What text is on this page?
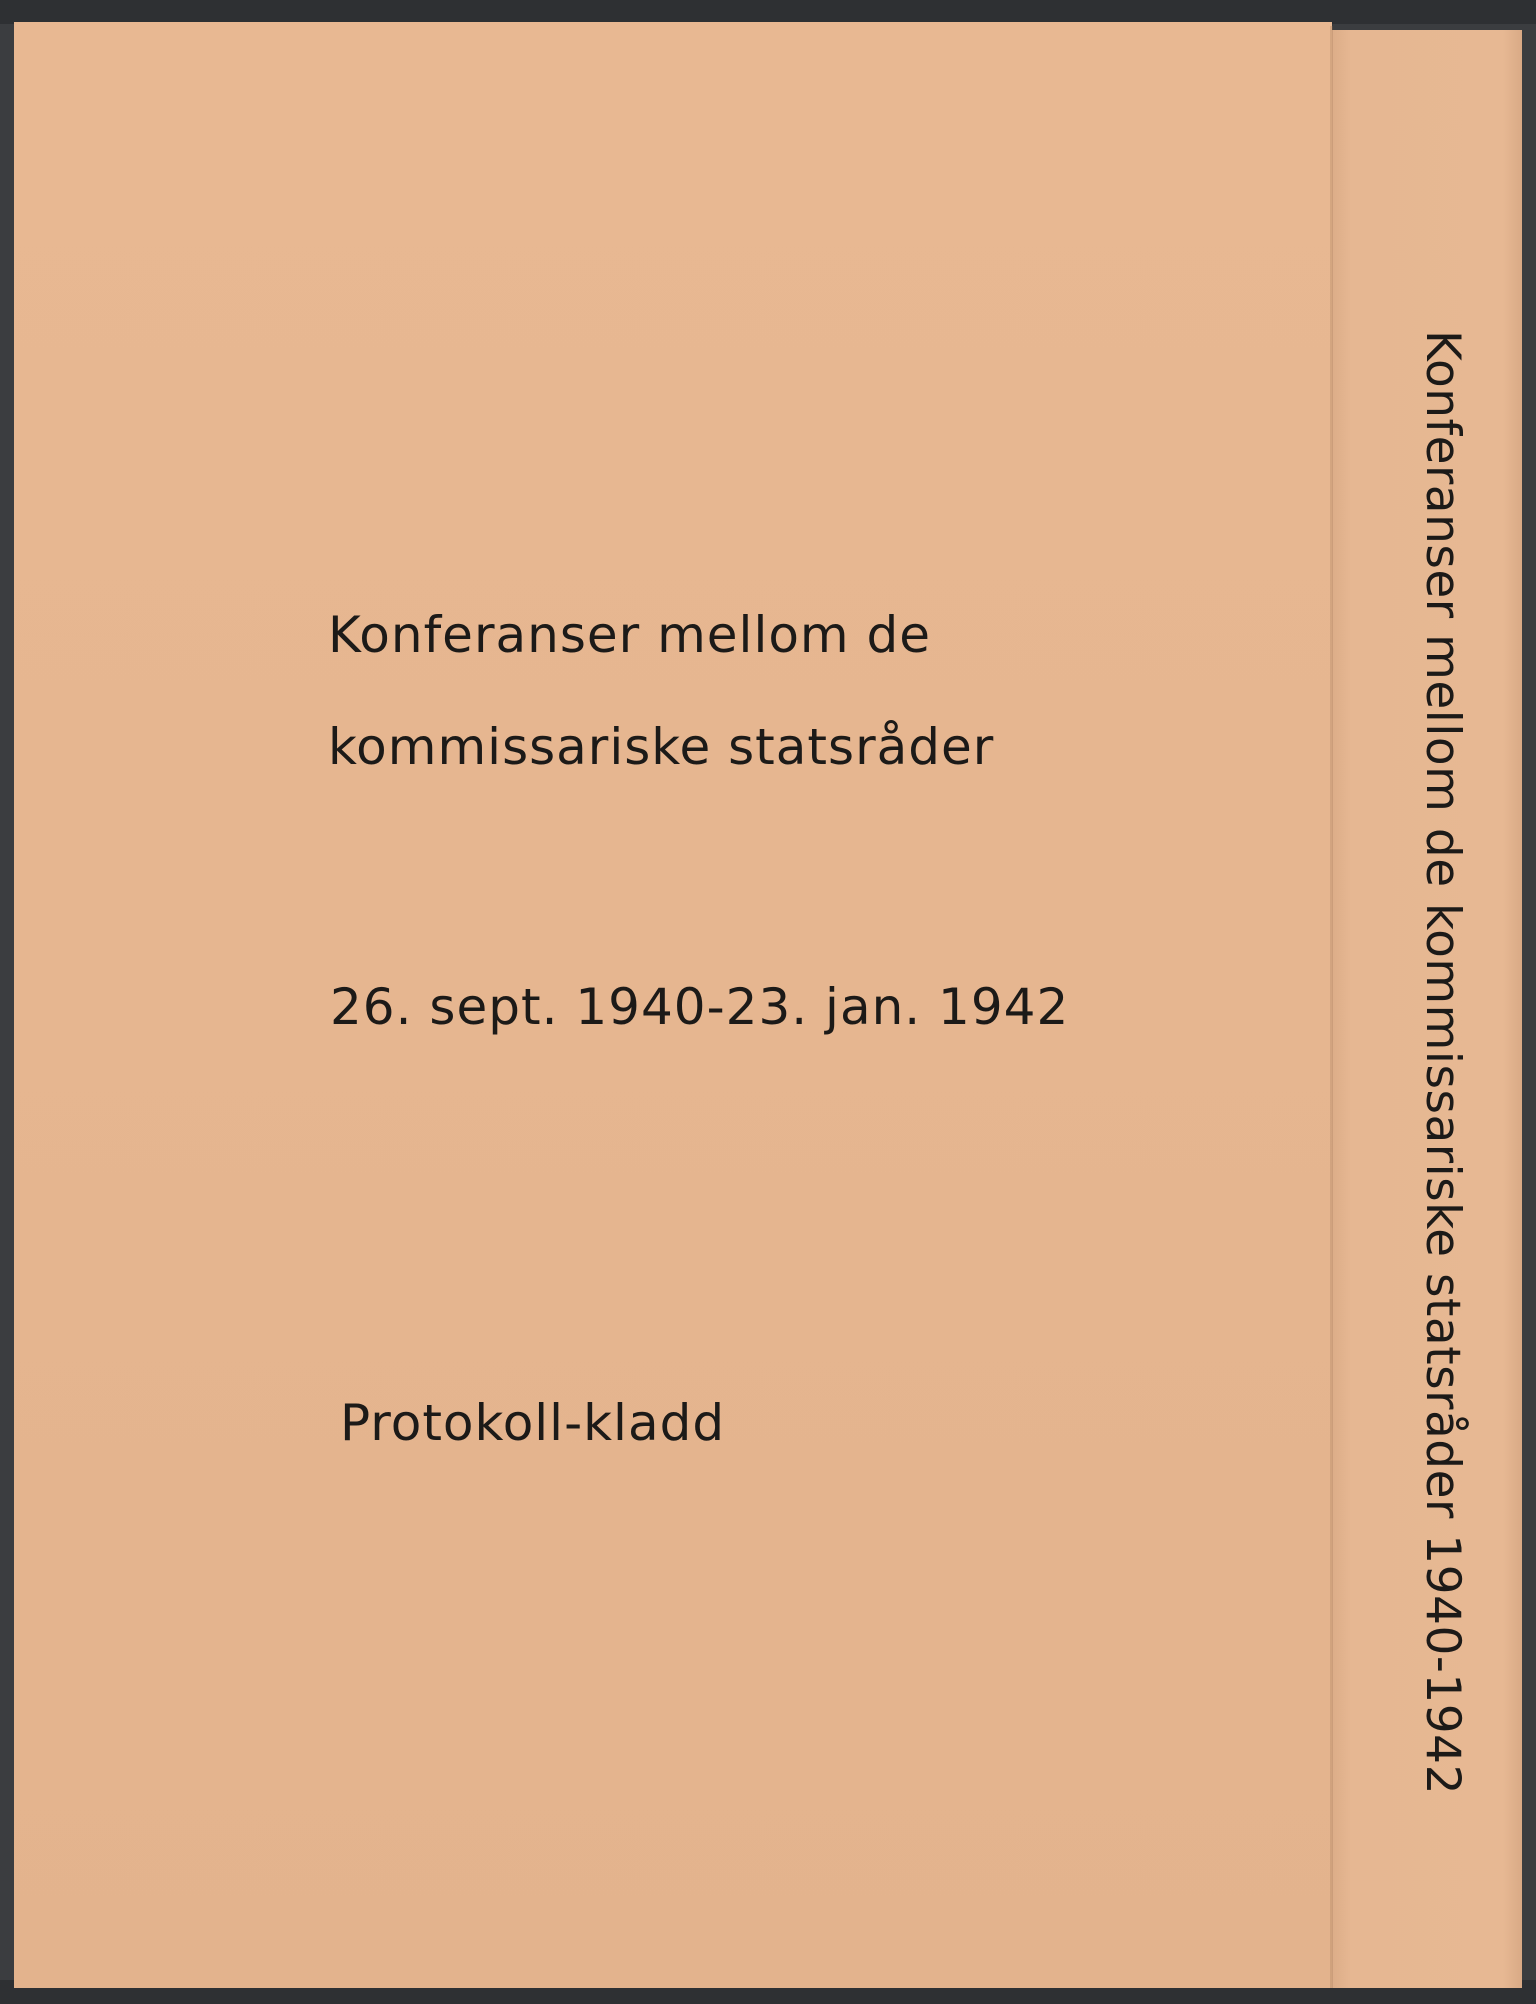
Konferanser mellom de
kommissariske statsråder
26. sept. 1940-23. jan. 1942
Protokoll-kladd	Konferanser mellom de kommissariske statsråder 1940-1942
